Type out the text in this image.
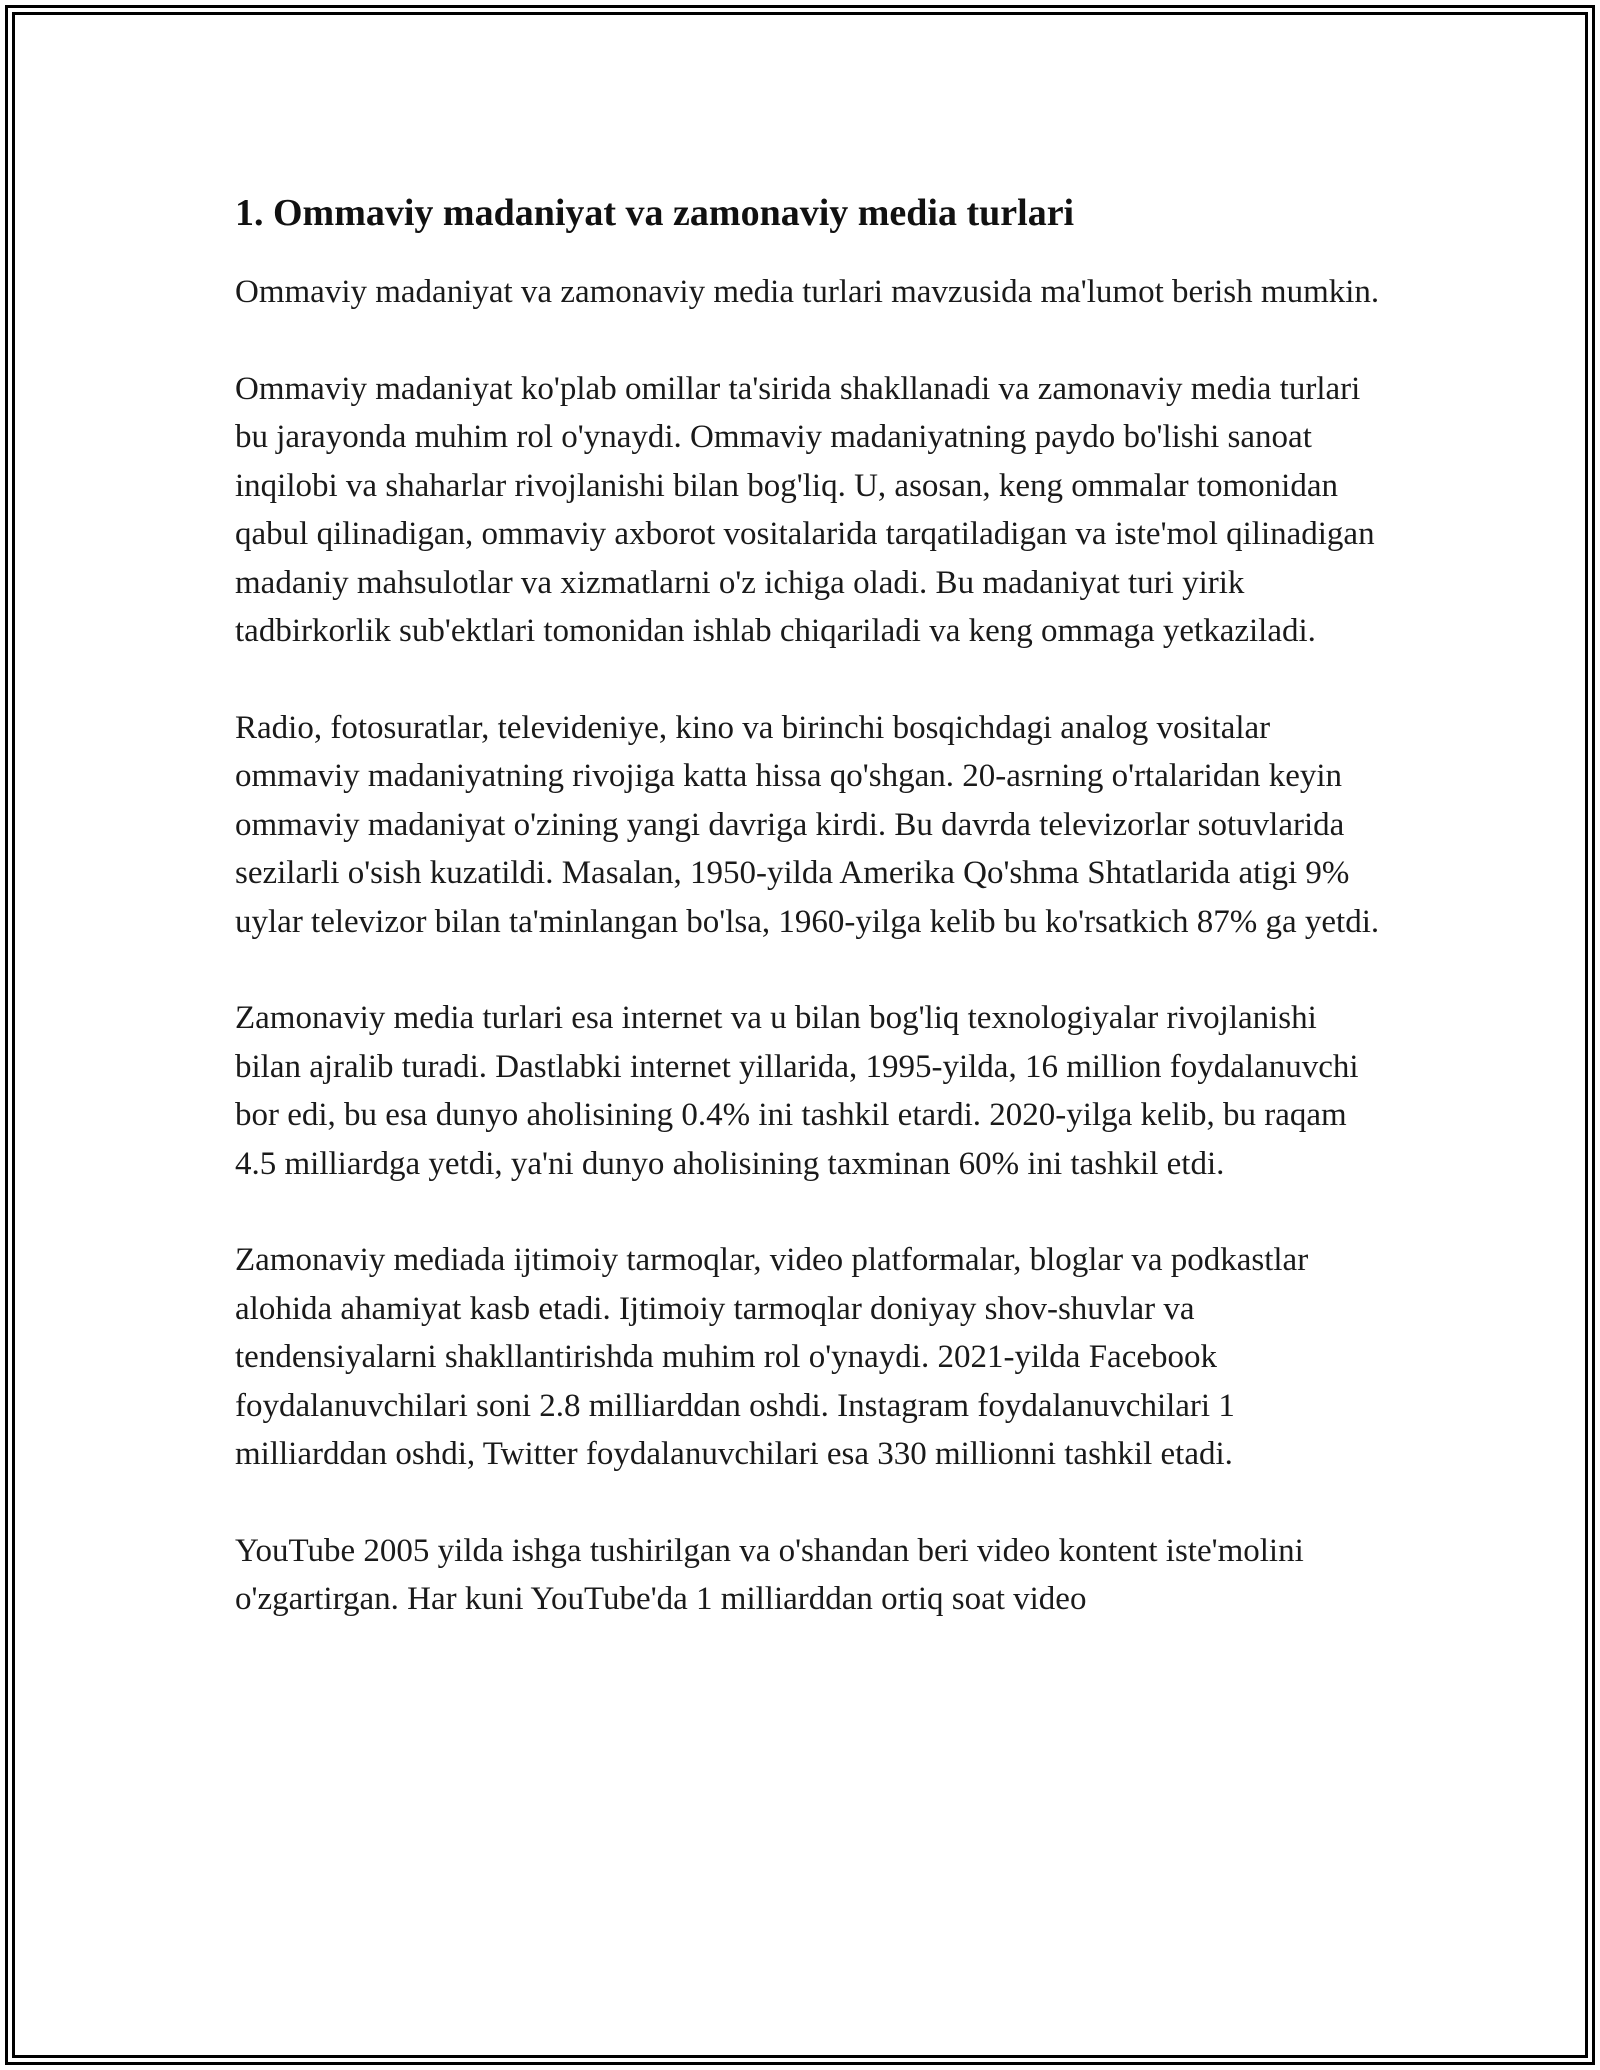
1. Ommaviy madaniyat va zamonaviy media turlari

Ommaviy madaniyat va zamonaviy media turlari mavzusida ma'lumot berish mumkin.

Ommaviy madaniyat ko'plab omillar ta'sirida shakllanadi va zamonaviy media turlari bu jarayonda muhim rol o'ynaydi. Ommaviy madaniyatning paydo bo'lishi sanoat inqilobi va shaharlar rivojlanishi bilan bog'liq. U, asosan, keng ommalar tomonidan qabul qilinadigan, ommaviy axborot vositalarida tarqatiladigan va iste'mol qilinadigan madaniy mahsulotlar va xizmatlarni o'z ichiga oladi. Bu madaniyat turi yirik tadbirkorlik sub'ektlari tomonidan ishlab chiqariladi va keng ommaga yetkaziladi.

Radio, fotosuratlar, televideniye, kino va birinchi bosqichdagi analog vositalar ommaviy madaniyatning rivojiga katta hissa qo'shgan. 20-asrning o'rtalaridan keyin ommaviy madaniyat o'zining yangi davriga kirdi. Bu davrda televizorlar sotuvlarida sezilarli o'sish kuzatildi. Masalan, 1950-yilda Amerika Qo'shma Shtatlarida atigi 9% uylar televizor bilan ta'minlangan bo'lsa, 1960-yilga kelib bu ko'rsatkich 87% ga yetdi.

Zamonaviy media turlari esa internet va u bilan bog'liq texnologiyalar rivojlanishi bilan ajralib turadi. Dastlabki internet yillarida, 1995-yilda, 16 million foydalanuvchi bor edi, bu esa dunyo aholisining 0.4% ini tashkil etardi. 2020-yilga kelib, bu raqam 4.5 milliardga yetdi, ya'ni dunyo aholisining taxminan 60% ini tashkil etdi.

Zamonaviy mediada ijtimoiy tarmoqlar, video platformalar, bloglar va podkastlar alohida ahamiyat kasb etadi. Ijtimoiy tarmoqlar doniyay shov-shuvlar va tendensiyalarni shakllantirishda muhim rol o'ynaydi. 2021-yilda Facebook foydalanuvchilari soni 2.8 milliarddan oshdi. Instagram foydalanuvchilari 1 milliarddan oshdi, Twitter foydalanuvchilari esa 330 millionni tashkil etadi.

YouTube 2005 yilda ishga tushirilgan va o'shandan beri video kontent iste'molini o'zgartirgan. Har kuni YouTube'da 1 milliarddan ortiq soat video
